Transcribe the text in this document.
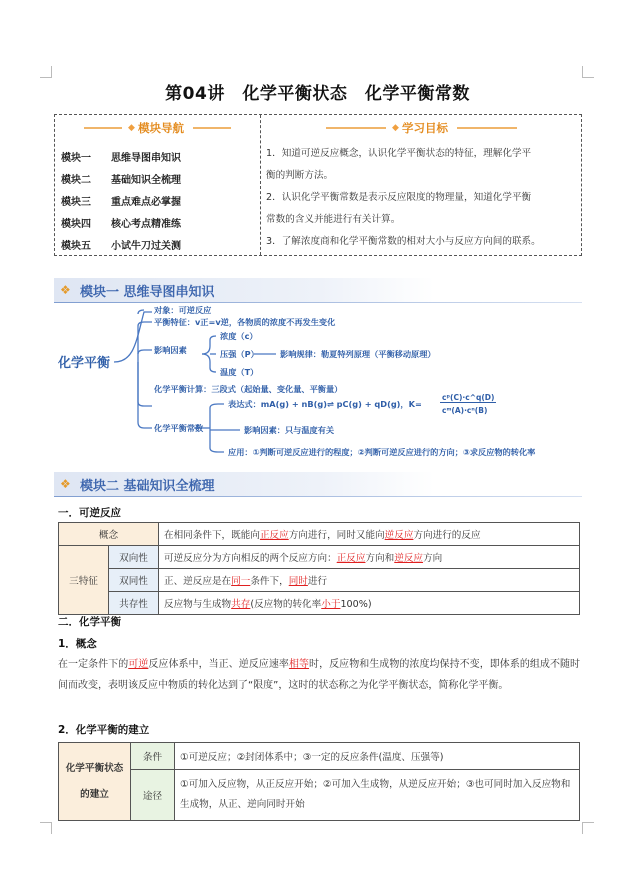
第04讲　化学平衡状态　化学平衡常数
◆ 模块导航	◆ 学习目标
模块一	思维导图串知识
模块二	基础知识全梳理
模块三	重点难点必掌握
模块四	核心考点精准练
模块五	小试牛刀过关测
1．知道可逆反应概念，认识化学平衡状态的特征，理解化学平
衡的判断方法。
2．认识化学平衡常数是表示反应限度的物理量，知道化学平衡
常数的含义并能进行有关计算。
3．了解浓度商和化学平衡常数的相对大小与反应方向间的联系。
❖ 模块一 思维导图串知识
化学平衡
对象：可逆反应
平衡特征：v正=v逆，各物质的浓度不再发生变化
影响因素
浓度（c）
压强（P）
温度（T）
影响规律：勒夏特列原理（平衡移动原理）
化学平衡计算：三段式（起始量、变化量、平衡量）
化学平衡常数
表达式：mA(g) + nB(g)⇌ pC(g) + qD(g)，K=
cᵖ(C)·c^q(D)
cᵐ(A)·cⁿ(B)
影响因素：只与温度有关
应用：①判断可逆反应进行的程度；②判断可逆反应进行的方向；③求反应物的转化率
❖ 模块二 基础知识全梳理
一．可逆反应
概念		在相同条件下，既能向正反应方向进行，同时又能向逆反应方向进行的反应
三特征	双向性	可逆反应分为方向相反的两个反应方向：正反应方向和逆反应方向
	双同性	正、逆反应是在同一条件下，同时进行
	共存性	反应物与生成物共存(反应物的转化率小于100%)
二．化学平衡
1．概念
在一定条件下的可逆反应体系中，当正、逆反应速率相等时，反应物和生成物的浓度均保持不变，即体系的组成不随时间而改变，表明该反应中物质的转化达到了“限度”，这时的状态称之为化学平衡状态，简称化学平衡。
2．化学平衡的建立
化学平衡状态的建立	条件	①可逆反应；②封闭体系中；③一定的反应条件(温度、压强等)
	途径	①可加入反应物，从正反应开始；②可加入生成物，从逆反应开始；③也可同时加入反应物和生成物，从正、逆向同时开始
